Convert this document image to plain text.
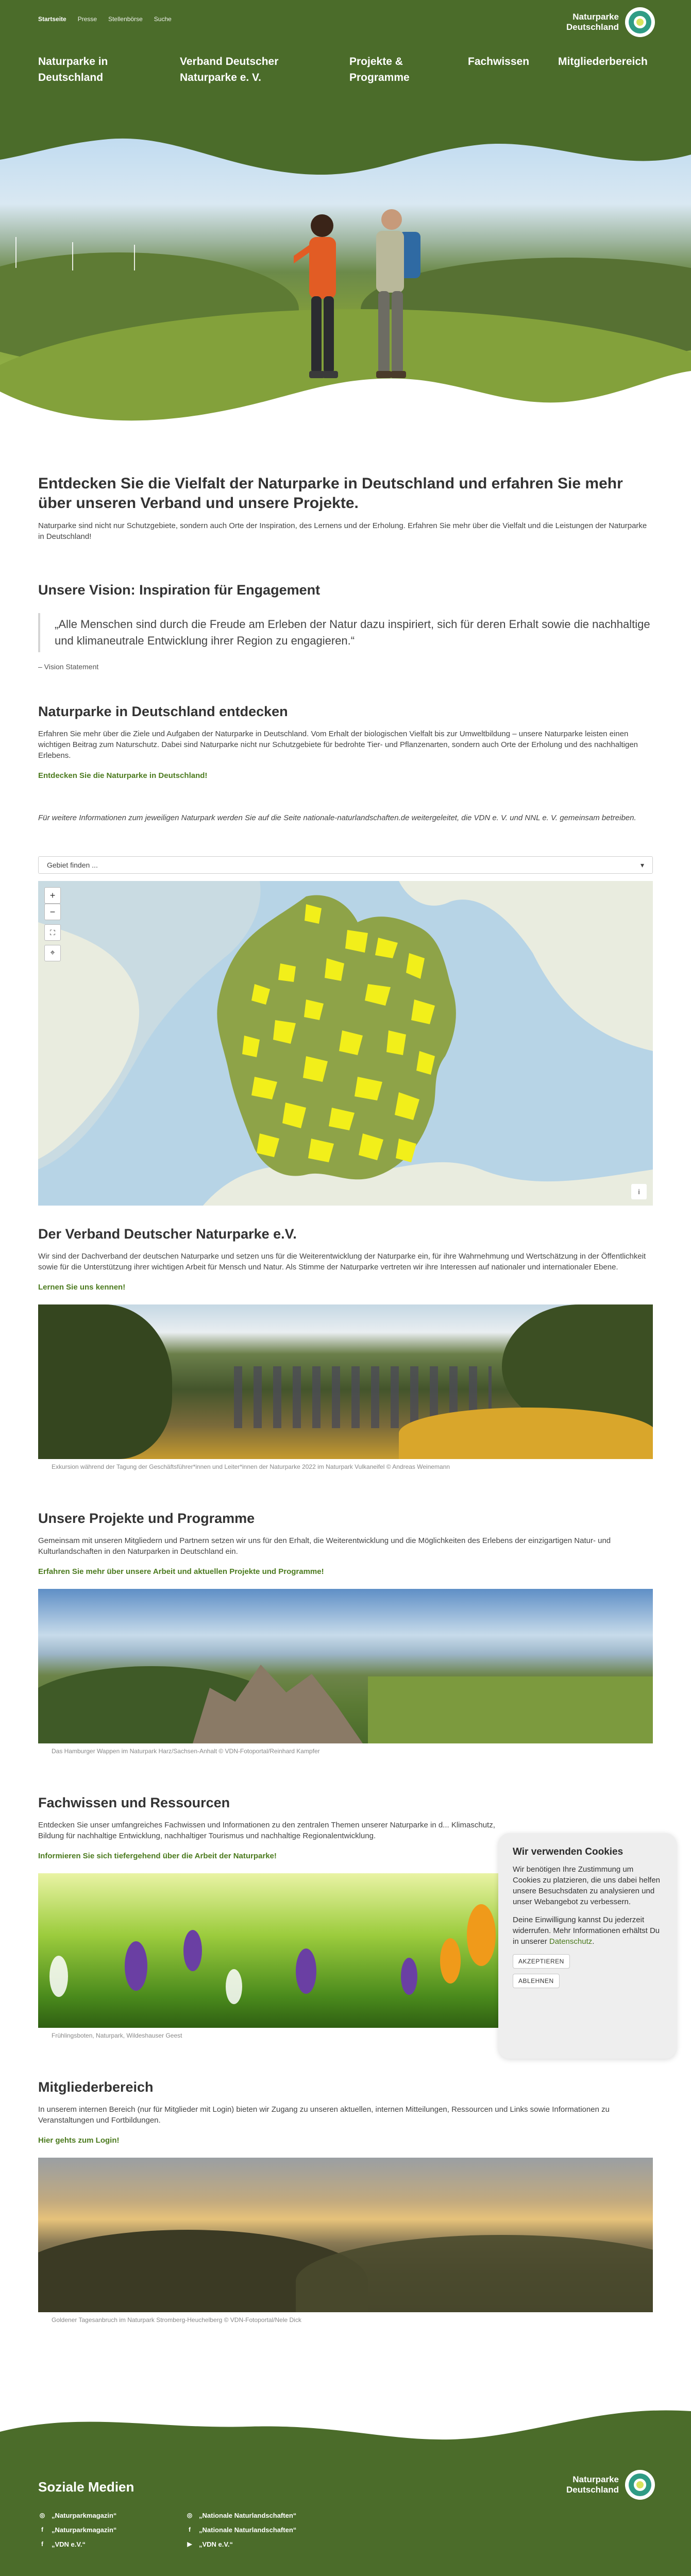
Startseite Presse Stellenbörse Suche	Naturparke
Deutschland
Naturparke in
Deutschland
Verband Deutscher
Naturparke e. V.
Projekte &
Programme
Fachwissen	Mitgliederbereich
Entdecken Sie die Vielfalt der Naturparke in Deutschland und erfahren Sie mehr über unseren Verband und unsere Projekte.

Naturparke sind nicht nur Schutzgebiete, sondern auch Orte der Inspiration, des Lernens und der Erholung. Erfahren Sie mehr über die Vielfalt und die Leistungen der Naturparke in Deutschland!

Unsere Vision: Inspiration für Engagement
„Alle Menschen sind durch die Freude am Erleben der Natur dazu inspiriert, sich für deren Erhalt sowie die nachhaltige und klimaneutrale Entwicklung ihrer Region zu engagieren.“

– Vision Statement

Naturparke in Deutschland entdecken

Erfahren Sie mehr über die Ziele und Aufgaben der Naturparke in Deutschland. Vom Erhalt der biologischen Vielfalt bis zur Umweltbildung – unsere Naturparke leisten einen wichtigen Beitrag zum Naturschutz. Dabei sind Naturparke nicht nur Schutzgebiete für bedrohte Tier- und Pflanzenarten, sondern auch Orte der Erholung und des nachhaltigen Erlebens.

Entdecken Sie die Naturparke in Deutschland!

Für weitere Informationen zum jeweiligen Naturpark werden Sie auf die Seite nationale-naturlandschaften.de weitergeleitet, die VDN e. V. und NNL e. V. gemeinsam betreiben.

Gebiet finden ...	▾
+
−
⛶
⌖
i
Der Verband Deutscher Naturparke e.V.

Wir sind der Dachverband der deutschen Naturparke und setzen uns für die Weiterentwicklung der Naturparke ein, für ihre Wahrnehmung und Wertschätzung in der Öffentlichkeit sowie für die Unterstützung ihrer wichtigen Arbeit für Mensch und Natur. Als Stimme der Naturparke vertreten wir ihre Interessen auf nationaler und internationaler Ebene.

Lernen Sie uns kennen!

Exkursion während der Tagung der Geschäftsführer*innen und Leiter*innen der Naturparke 2022 im Naturpark Vulkaneifel © Andreas Weinemann

Unsere Projekte und Programme

Gemeinsam mit unseren Mitgliedern und Partnern setzen wir uns für den Erhalt, die Weiterentwicklung und die Möglichkeiten des Erlebens der einzigartigen Natur- und Kulturlandschaften in den Naturparken in Deutschland ein.

Erfahren Sie mehr über unsere Arbeit und aktuellen Projekte und Programme!

Das Hamburger Wappen im Naturpark Harz/Sachsen-Anhalt © VDN-Fotoportal/Reinhard Kampfer

Fachwissen und Ressourcen

Entdecken Sie unser umfangreiches Fachwissen und Informationen zu den zentralen Themen unserer Naturparke in d... Klimaschutz, Bildung für nachhaltige Entwicklung, nachhaltiger Tourismus und nachhaltige Regionalentwicklung.

Informieren Sie sich tiefergehend über die Arbeit der Naturparke!

Frühlingsboten, Naturpark, Wildeshauser Geest

Mitgliederbereich

In unserem internen Bereich (nur für Mitglieder mit Login) bieten wir Zugang zu unseren aktuellen, internen Mitteilungen, Ressourcen und Links sowie Informationen zu Veranstaltungen und Fortbildungen.

Hier gehts zum Login!

Goldener Tagesanbruch im Naturpark Stromberg-Heuchelberg © VDN-Fotoportal/Nele Dick

Wir verwenden Cookies

Wir benötigen Ihre Zustimmung um Cookies zu platzieren, die uns dabei helfen unsere Besuchsdaten zu analysieren und unser Webangebot zu verbessern.

Deine Einwilligung kannst Du jederzeit widerrufen. Mehr Informationen erhältst Du in unserer Datenschutz.

AKZEPTIEREN
ABLEHNEN
Soziale Medien
◎ „Naturparkmagazin“
f	„Naturparkmagazin“
f	„VDN e.V.“
◎ „Nationale Naturlandschaften“
f	„Nationale Naturlandschaften“
▶ „VDN e.V.“
Naturparke
Deutschland
